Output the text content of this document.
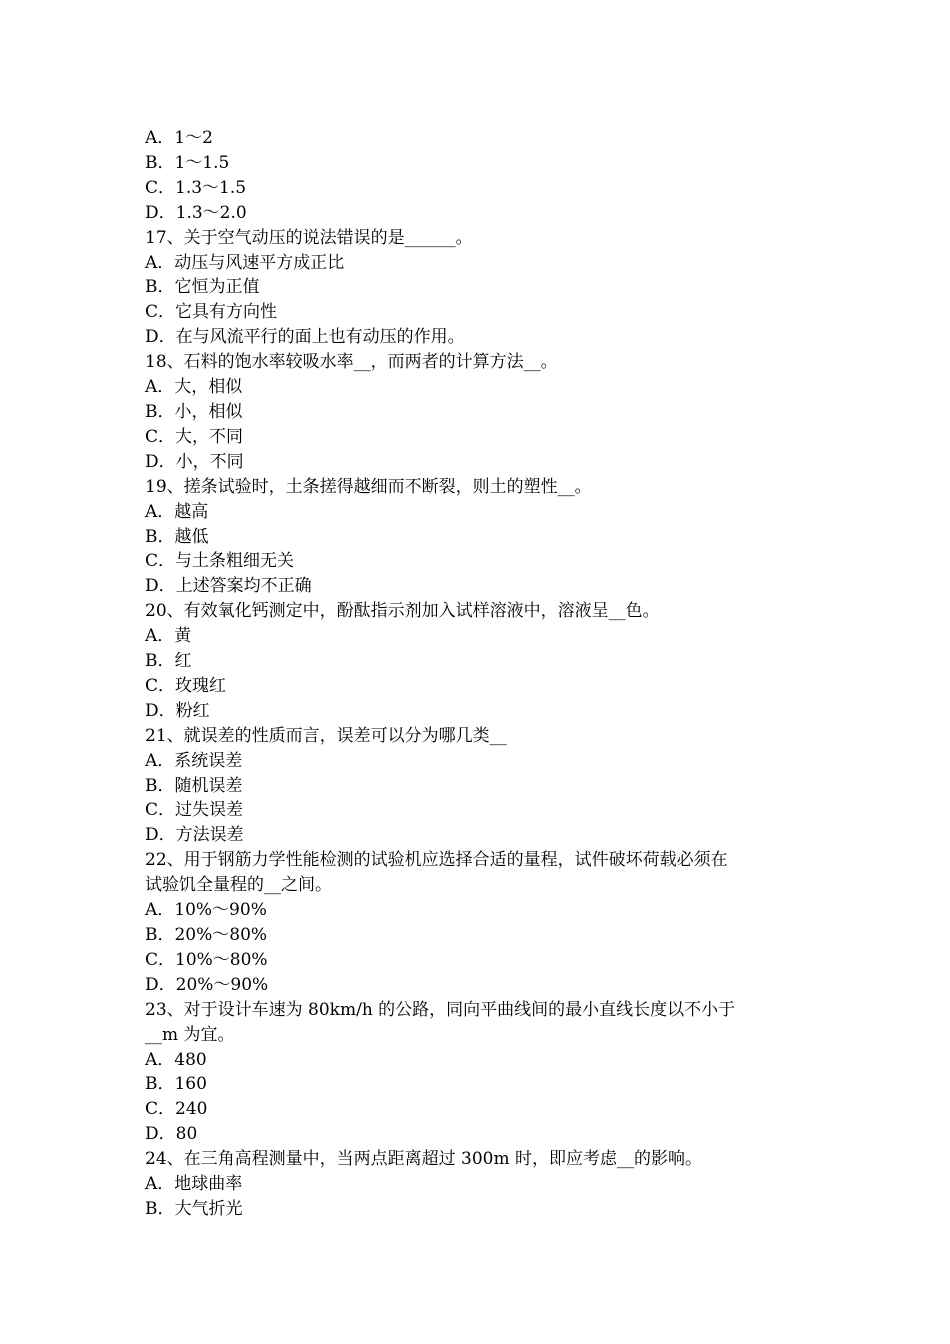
A．1～2
B．1～1.5
C．1.3～1.5
D．1.3～2.0
17、关于空气动压的说法错误的是______。
A．动压与风速平方成正比
B．它恒为正值
C．它具有方向性
D．在与风流平行的面上也有动压的作用。
18、石料的饱水率较吸水率__，而两者的计算方法__。
A．大，相似
B．小，相似
C．大，不同
D．小，不同
19、搓条试验时，土条搓得越细而不断裂，则土的塑性__。
A．越高
B．越低
C．与土条粗细无关
D．上述答案均不正确
20、有效氧化钙测定中，酚酞指示剂加入试样溶液中，溶液呈__色。
A．黄
B．红
C．玫瑰红
D．粉红
21、就误差的性质而言，误差可以分为哪几类__
A．系统误差
B．随机误差
C．过失误差
D．方法误差
22、用于钢筋力学性能检测的试验机应选择合适的量程，试件破坏荷载必须在
试验饥全量程的__之间。
A．10%～90%
B．20%～80%
C．10%～80%
D．20%～90%
23、对于设计车速为 80km/h 的公路，同向平曲线间的最小直线长度以不小于
__m 为宜。
A．480
B．160
C．240
D．80
24、在三角高程测量中，当两点距离超过 300m 时，即应考虑__的影响。
A．地球曲率
B．大气折光
